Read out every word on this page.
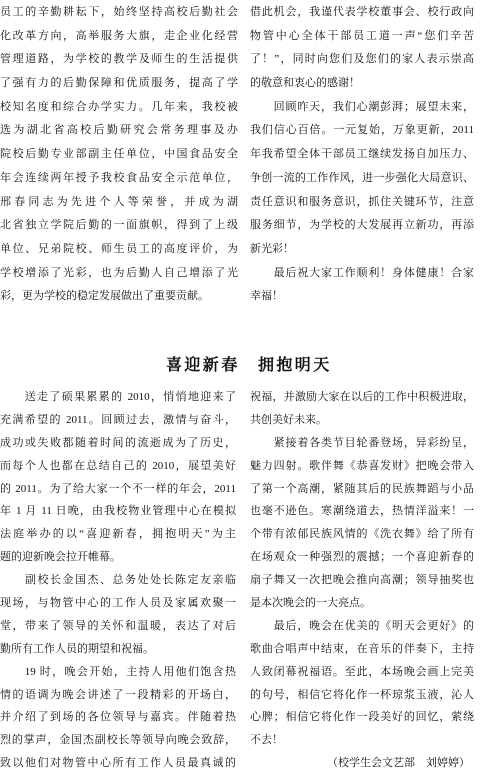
员工的辛勤耕耘下，始终坚持高校后勤社会
化改革方向，高举服务大旗，走企业化经营
管理道路，为学校的教学及师生的生活提供
了强有力的后勤保障和优质服务，提高了学
校知名度和综合办学实力。几年来，我校被
选为湖北省高校后勤研究会常务理事及办
院校后勤专业部副主任单位，中国食品安全
年会连续两年授予我校食品安全示范单位，
邢春同志为先进个人等荣誉，并成为湖
北省独立学院后勤的一面旗帜，得到了上级
单位、兄弟院校、师生员工的高度评价，为
学校增添了光彩，也为后勤人自己增添了光
彩，更为学校的稳定发展做出了重要贡献。
借此机会，我谨代表学校董事会、校行政向
物管中心全体干部员工道一声“您们辛苦
了！”，同时向您们及您们的家人表示崇高
的敬意和衷心的感谢！
　　回顾昨天，我们心潮彭湃；展望未来，
我们信心百倍。一元复始，万象更新，2011
年我希望全体干部员工继续发扬自加压力、
争创一流的工作作风，进一步强化大局意识、
责任意识和服务意识，抓住关键环节，注意
服务细节，为学校的大发展再立新功，再添
新光彩！
　　最后祝大家工作顺利！身体健康！合家
幸福！
喜迎新春　拥抱明天
　　送走了硕果累累的 2010，悄悄地迎来了
充满希望的 2011。回顾过去，激情与奋斗，
成功或失败都随着时间的流逝成为了历史，
而每个人也都在总结自己的 2010，展望美好
的 2011。为了给大家一个不一样的年会，2011
年 1 月 11 日晚，由我校物业管理中心在模拟
法庭举办的以“喜迎新春，拥抱明天”为主
题的迎新晚会拉开帷幕。
　　副校长金国杰、总务处处长陈定友亲临
现场，与物管中心的工作人员及家属欢聚一
堂，带来了领导的关怀和温暖，表达了对后
勤所有工作人员的期望和祝福。
　　19 时，晚会开始，主持人用他们饱含热
情的语调为晚会讲述了一段精彩的开场白，
并介绍了到场的各位领导与嘉宾。伴随着热
烈的掌声，金国杰副校长等领导向晚会致辞，
致以他们对物管中心所有工作人员最真诚的
祝福，并激励大家在以后的工作中积极进取，
共创美好未来。
　　紧接着各类节目轮番登场，异彩纷呈，
魅力四射。歌伴舞《恭喜发财》把晚会带入
了第一个高潮，紧随其后的民族舞蹈与小品
也毫不逊色。寒潮绕道去，热情洋溢来！一
个带有浓郁民族风情的《洗衣舞》给了所有
在场观众一种强烈的震撼；一个喜迎新春的
扇子舞又一次把晚会推向高潮；领导抽奖也
是本次晚会的一大亮点。
　　最后，晚会在优美的《明天会更好》的
歌曲合唱声中结束，在音乐的伴奏下，主持
人致闭幕祝福语。至此，本场晚会画上完美
的句号，相信它将化作一杯琼浆玉液，沁人
心脾；相信它将化作一段美好的回忆，萦绕
不去！
（校学生会文艺部　刘婷婷）
